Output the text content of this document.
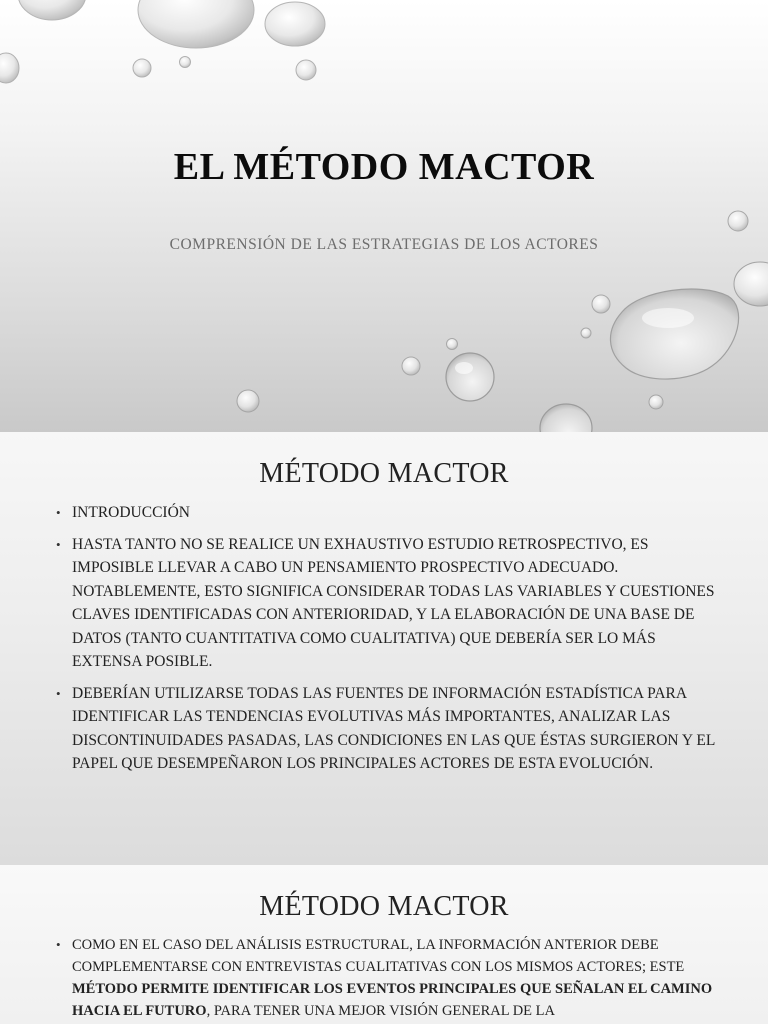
EL MÉTODO MACTOR
COMPRENSIÓN DE LAS ESTRATEGIAS DE LOS ACTORES
MÉTODO MACTOR
• INTRODUCCIÓN
• HASTA TANTO NO SE REALICE UN EXHAUSTIVO ESTUDIO RETROSPECTIVO, ES IMPOSIBLE LLEVAR A CABO UN PENSAMIENTO PROSPECTIVO ADECUADO. NOTABLEMENTE, ESTO SIGNIFICA CONSIDERAR TODAS LAS VARIABLES Y CUESTIONES CLAVES IDENTIFICADAS CON ANTERIORIDAD, Y LA ELABORACIÓN DE UNA BASE DE DATOS (TANTO CUANTITATIVA COMO CUALITATIVA) QUE DEBERÍA SER LO MÁS EXTENSA POSIBLE.
• DEBERÍAN UTILIZARSE TODAS LAS FUENTES DE INFORMACIÓN ESTADÍSTICA PARA IDENTIFICAR LAS TENDENCIAS EVOLUTIVAS MÁS IMPORTANTES, ANALIZAR LAS DISCONTINUIDADES PASADAS, LAS CONDICIONES EN LAS QUE ÉSTAS SURGIERON Y EL PAPEL QUE DESEMPEÑARON LOS PRINCIPALES ACTORES DE ESTA EVOLUCIÓN.
MÉTODO MACTOR
• COMO EN EL CASO DEL ANÁLISIS ESTRUCTURAL, LA INFORMACIÓN ANTERIOR DEBE COMPLEMENTARSE CON ENTREVISTAS CUALITATIVAS CON LOS MISMOS ACTORES; ESTE MÉTODO PERMITE IDENTIFICAR LOS EVENTOS PRINCIPALES QUE SEÑALAN EL CAMINO HACIA EL FUTURO, PARA TENER UNA MEJOR VISIÓN GENERAL DE LA
